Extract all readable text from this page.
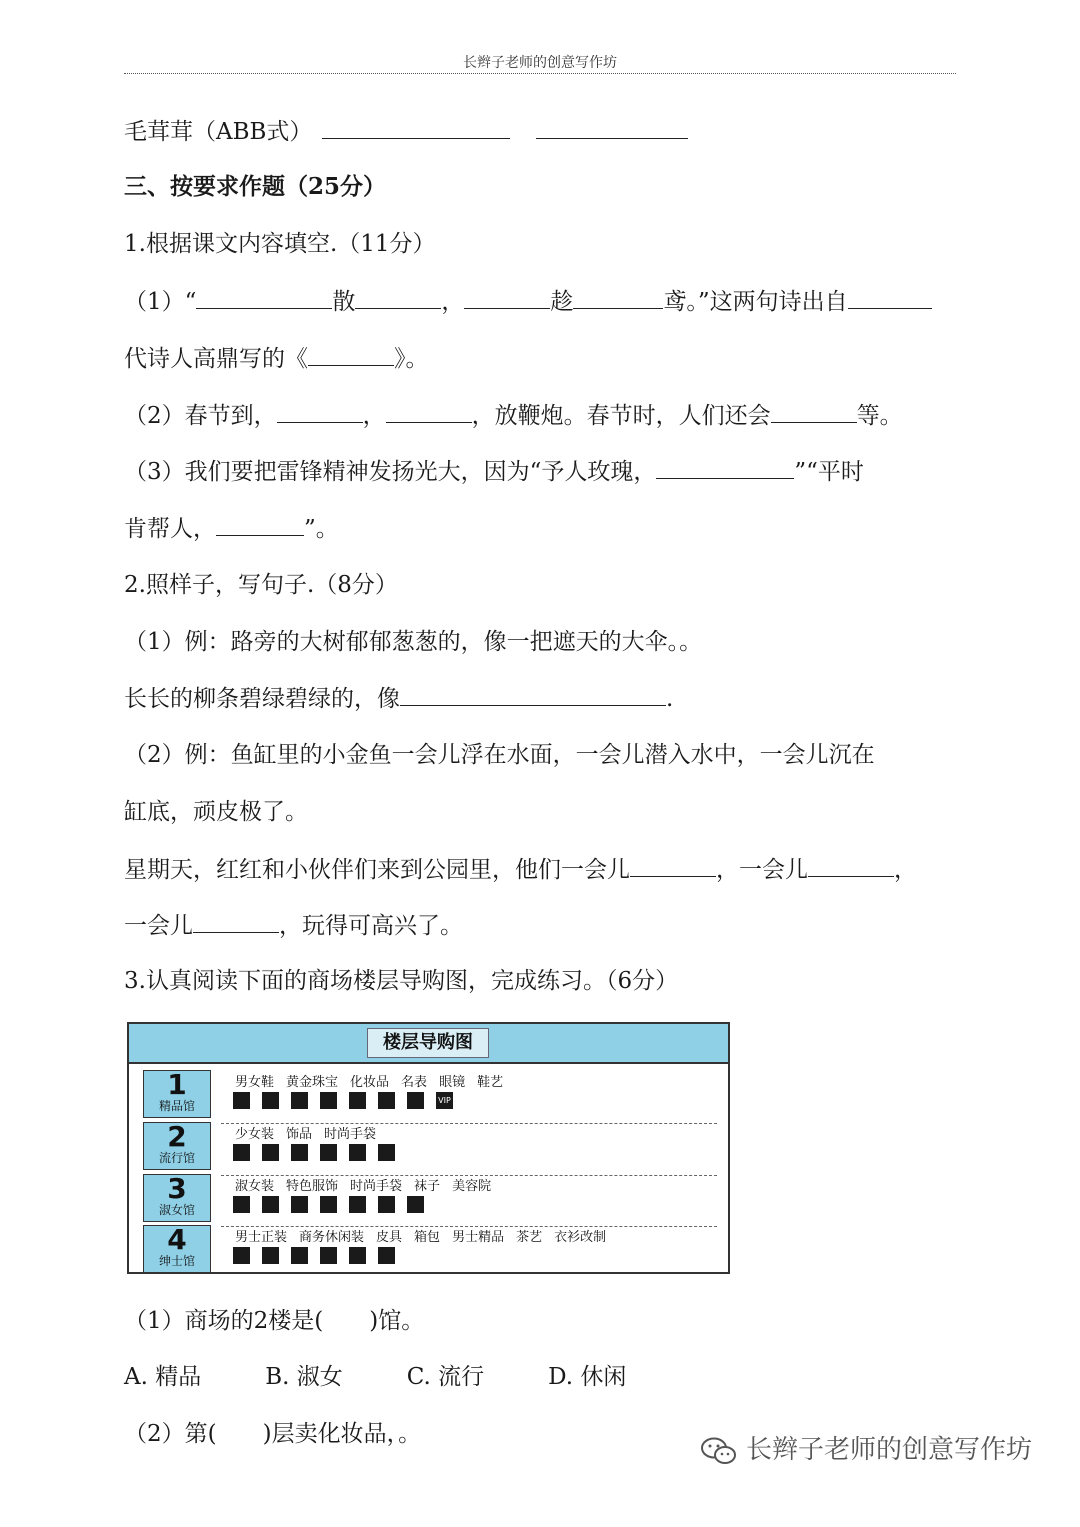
长辫子老师的创意写作坊
毛茸茸（ABB式）
三、按要求作题（25分）
1.根据课文内容填空.（11分）
（1）“	散	，	趁	鸢。”这两句诗出自
代诗人高鼎写的《	》。
（2）春节到，	，	，放鞭炮。春节时，人们还会	等。
（3）我们要把雷锋精神发扬光大，因为“予人玫瑰，	”“平时
肯帮人，	”。
2.照样子，写句子.（8分）
（1）例：路旁的大树郁郁葱葱的，像一把遮天的大伞。。
长长的柳条碧绿碧绿的，像	.
（2）例：鱼缸里的小金鱼一会儿浮在水面，一会儿潜入水中，一会儿沉在
缸底，顽皮极了。
星期天，红红和小伙伴们来到公园里，他们一会儿	，一会儿	，
一会儿	，玩得可高兴了。
3.认真阅读下面的商场楼层导购图，完成练习。（6分）
楼层导购图
1
精品馆
男女鞋 黄金珠宝 化妆品 名表 眼镜 鞋艺
VIP
2
流行馆
少女装 饰品 时尚手袋
3
淑女馆
淑女装 特色服饰 时尚手袋 袜子 美容院
4
绅士馆
男士正装 商务休闲装 皮具 箱包 男士精品 茶艺 衣衫改制
（1）商场的2楼是(　　)馆。
A. 精品	B. 淑女	C. 流行	D. 休闲
（2）第(　　)层卖化妆品，。
长辫子老师的创意写作坊
